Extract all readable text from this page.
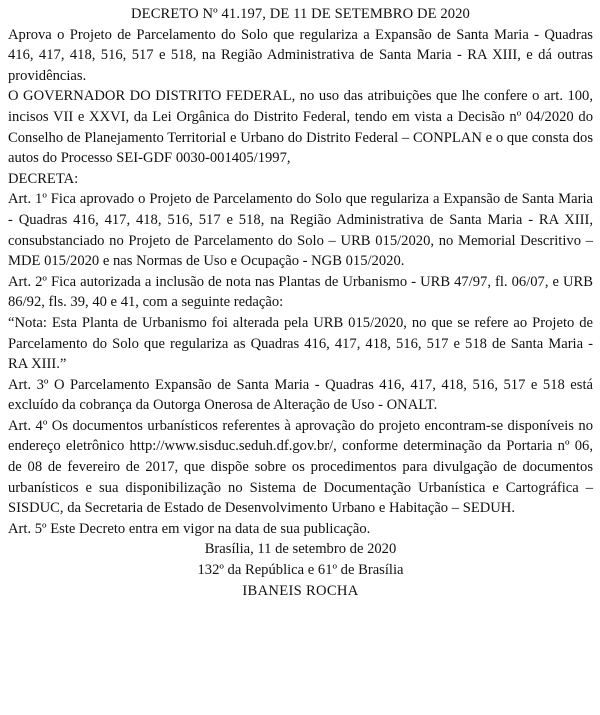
DECRETO Nº 41.197, DE 11 DE SETEMBRO DE 2020

Aprova o Projeto de Parcelamento do Solo que regulariza a Expansão de Santa Maria - Quadras 416, 417, 418, 516, 517 e 518, na Região Administrativa de Santa Maria - RA XIII, e dá outras providências.

O GOVERNADOR DO DISTRITO FEDERAL, no uso das atribuições que lhe confere o art. 100, incisos VII e XXVI, da Lei Orgânica do Distrito Federal, tendo em vista a Decisão nº 04/2020 do Conselho de Planejamento Territorial e Urbano do Distrito Federal – CONPLAN e o que consta dos autos do Processo SEI-GDF 0030-001405/1997,

DECRETA:

Art. 1º Fica aprovado o Projeto de Parcelamento do Solo que regulariza a Expansão de Santa Maria - Quadras 416, 417, 418, 516, 517 e 518, na Região Administrativa de Santa Maria - RA XIII, consubstanciado no Projeto de Parcelamento do Solo – URB 015/2020, no Memorial Descritivo – MDE 015/2020 e nas Normas de Uso e Ocupação - NGB 015/2020.

Art. 2º Fica autorizada a inclusão de nota nas Plantas de Urbanismo - URB 47/97, fl. 06/07, e URB 86/92, fls. 39, 40 e 41, com a seguinte redação:

“Nota: Esta Planta de Urbanismo foi alterada pela URB 015/2020, no que se refere ao Projeto de Parcelamento do Solo que regulariza as Quadras 416, 417, 418, 516, 517 e 518 de Santa Maria - RA XIII.”

Art. 3º O Parcelamento Expansão de Santa Maria - Quadras 416, 417, 418, 516, 517 e 518 está excluído da cobrança da Outorga Onerosa de Alteração de Uso - ONALT.

Art. 4º Os documentos urbanísticos referentes à aprovação do projeto encontram-se disponíveis no endereço eletrônico http://www.sisduc.seduh.df.gov.br/, conforme determinação da Portaria nº 06, de 08 de fevereiro de 2017, que dispõe sobre os procedimentos para divulgação de documentos urbanísticos e sua disponibilização no Sistema de Documentação Urbanística e Cartográfica – SISDUC, da Secretaria de Estado de Desenvolvimento Urbano e Habitação – SEDUH.

Art. 5º Este Decreto entra em vigor na data de sua publicação.

Brasília, 11 de setembro de 2020

132º da República e 61º de Brasília

IBANEIS ROCHA
